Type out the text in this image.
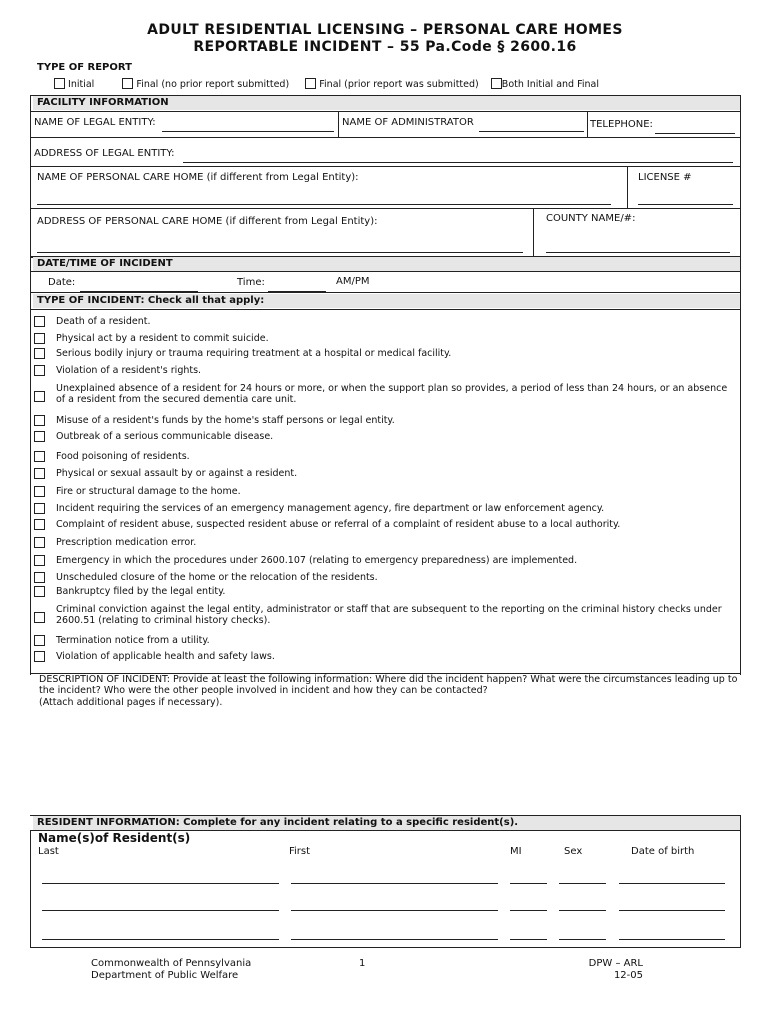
ADULT RESIDENTIAL LICENSING – PERSONAL CARE HOMES
REPORTABLE INCIDENT – 55 Pa.Code § 2600.16
TYPE OF REPORT
Initial	Final (no prior report submitted)	Final (prior report was submitted) Both Initial and Final
FACILITY INFORMATION
NAME OF LEGAL ENTITY:	NAME OF ADMINISTRATOR	TELEPHONE:
ADDRESS OF LEGAL ENTITY:
NAME OF PERSONAL CARE HOME (if different from Legal Entity):	LICENSE #
ADDRESS OF PERSONAL CARE HOME (if different from Legal Entity):	COUNTY NAME/#:
DATE/TIME OF INCIDENT
Date:	Time:	AM/PM
TYPE OF INCIDENT: Check all that apply:
Death of a resident.
Physical act by a resident to commit suicide.
Serious bodily injury or trauma requiring treatment at a hospital or medical facility.
Violation of a resident's rights.
Unexplained absence of a resident for 24 hours or more, or when the support plan so provides, a period of less than 24 hours, or an absence of a resident from the secured dementia care unit.
Misuse of a resident's funds by the home's staff persons or legal entity.
Outbreak of a serious communicable disease.
Food poisoning of residents.
Physical or sexual assault by or against a resident.
Fire or structural damage to the home.
Incident requiring the services of an emergency management agency, fire department or law enforcement agency.
Complaint of resident abuse, suspected resident abuse or referral of a complaint of resident abuse to a local authority.
Prescription medication error.
Emergency in which the procedures under 2600.107 (relating to emergency preparedness) are implemented.
Unscheduled closure of the home or the relocation of the residents.
Bankruptcy filed by the legal entity.
Criminal conviction against the legal entity, administrator or staff that are subsequent to the reporting on the criminal history checks under 2600.51 (relating to criminal history checks).
Termination notice from a utility.
Violation of applicable health and safety laws.
DESCRIPTION OF INCIDENT: Provide at least the following information: Where did the incident happen? What were the circumstances leading up to the incident? Who were the other people involved in incident and how they can be contacted?
(Attach additional pages if necessary).
RESIDENT INFORMATION: Complete for any incident relating to a specific resident(s).
Name(s)of Resident(s)
Last	First	MI	Sex	Date of birth
Commonwealth of Pennsylvania
Department of Public Welfare
1	DPW – ARL
12-05
